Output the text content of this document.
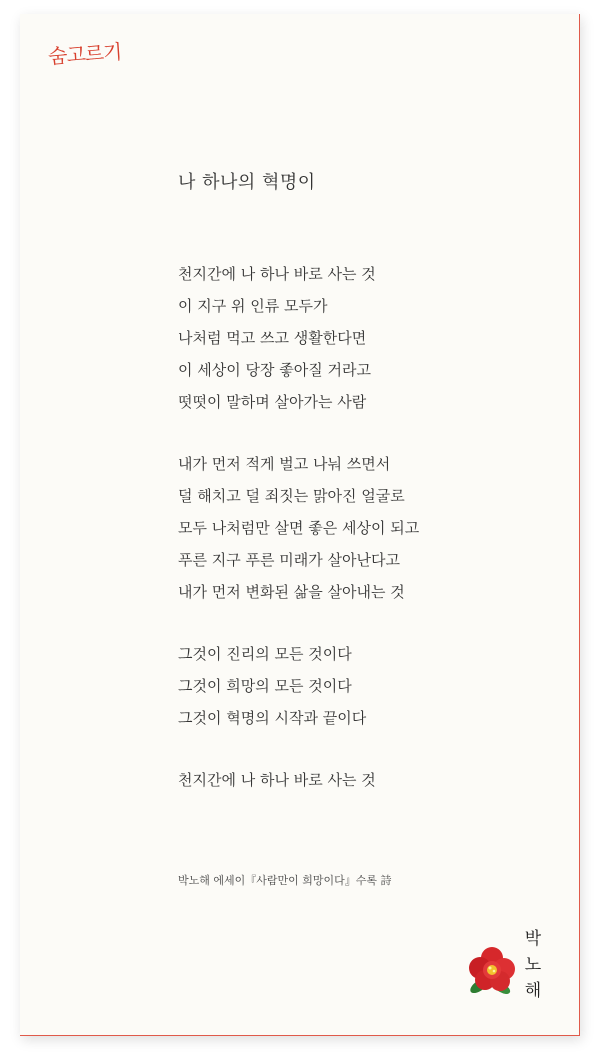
숨고르기
나 하나의 혁명이
천지간에 나 하나 바로 사는 것
이 지구 위 인류 모두가
나처럼 먹고 쓰고 생활한다면
이 세상이 당장 좋아질 거라고
떳떳이 말하며 살아가는 사람
내가 먼저 적게 벌고 나눠 쓰면서
덜 해치고 덜 죄짓는 맑아진 얼굴로
모두 나처럼만 살면 좋은 세상이 되고
푸른 지구 푸른 미래가 살아난다고
내가 먼저 변화된 삶을 살아내는 것
그것이 진리의 모든 것이다
그것이 희망의 모든 것이다
그것이 혁명의 시작과 끝이다
천지간에 나 하나 바로 사는 것
박노해 에세이『사람만이 희망이다』수록 詩
박
노
해
